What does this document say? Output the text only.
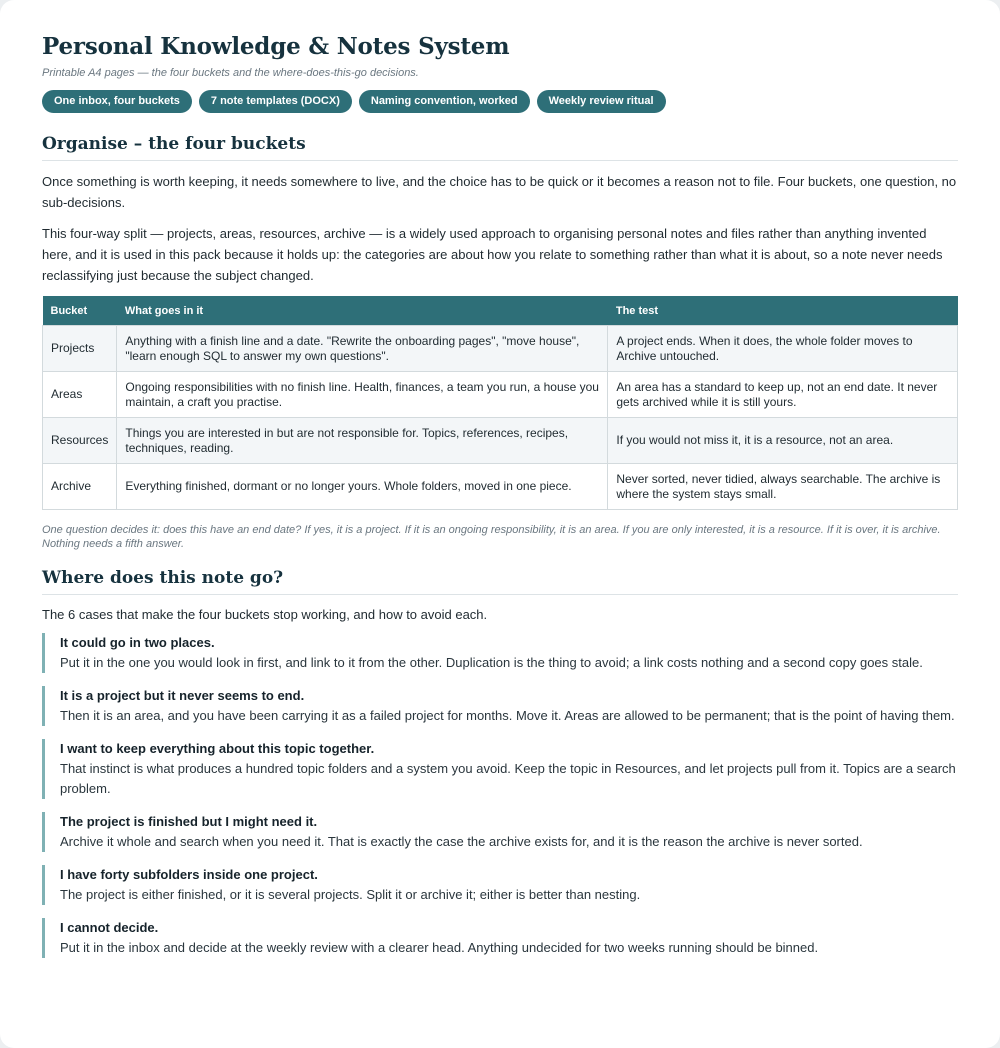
Personal Knowledge & Notes System
Printable A4 pages — the four buckets and the where-does-this-go decisions.
One inbox, four buckets	7 note templates (DOCX)	Naming convention, worked	Weekly review ritual
Organise – the four buckets

Once something is worth keeping, it needs somewhere to live, and the choice has to be quick or it becomes a reason not to file. Four buckets, one question, no sub-decisions.

This four-way split — projects, areas, resources, archive — is a widely used approach to organising personal notes and files rather than anything invented here, and it is used in this pack because it holds up: the categories are about how you relate to something rather than what it is about, so a note never needs reclassifying just because the subject changed.

Bucket	What goes in it	The test
Projects	Anything with a finish line and a date. "Rewrite the onboarding pages", "move house", "learn enough SQL to answer my own questions".	A project ends. When it does, the whole folder moves to Archive untouched.
Areas	Ongoing responsibilities with no finish line. Health, finances, a team you run, a house you maintain, a craft you practise.	An area has a standard to keep up, not an end date. It never gets archived while it is still yours.
Resources	Things you are interested in but are not responsible for. Topics, references, recipes, techniques, reading.	If you would not miss it, it is a resource, not an area.
Archive	Everything finished, dormant or no longer yours. Whole folders, moved in one piece.	Never sorted, never tidied, always searchable. The archive is where the system stays small.

One question decides it: does this have an end date? If yes, it is a project. If it is an ongoing responsibility, it is an area. If you are only interested, it is a resource. If it is over, it is archive. Nothing needs a fifth answer.

Where does this note go?

The 6 cases that make the four buckets stop working, and how to avoid each.

It could go in two places.

Put it in the one you would look in first, and link to it from the other. Duplication is the thing to avoid; a link costs nothing and a second copy goes stale.

It is a project but it never seems to end.

Then it is an area, and you have been carrying it as a failed project for months. Move it. Areas are allowed to be permanent; that is the point of having them.

I want to keep everything about this topic together.

That instinct is what produces a hundred topic folders and a system you avoid. Keep the topic in Resources, and let projects pull from it. Topics are a search problem.

The project is finished but I might need it.

Archive it whole and search when you need it. That is exactly the case the archive exists for, and it is the reason the archive is never sorted.

I have forty subfolders inside one project.

The project is either finished, or it is several projects. Split it or archive it; either is better than nesting.

I cannot decide.

Put it in the inbox and decide at the weekly review with a clearer head. Anything undecided for two weeks running should be binned.
